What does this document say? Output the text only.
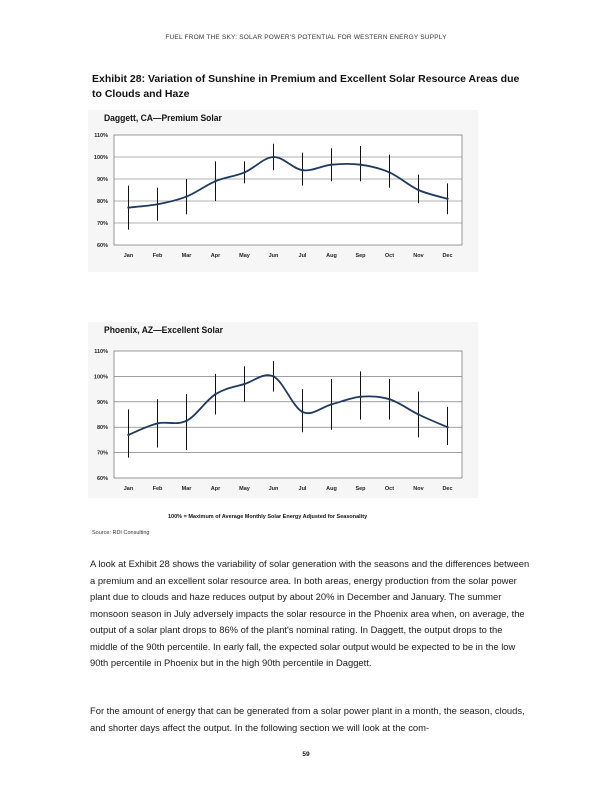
FUEL FROM THE SKY: SOLAR POWER'S POTENTIAL FOR WESTERN ENERGY SUPPLY
Exhibit 28: Variation of Sunshine in Premium and Excellent Solar Resource Areas due to Clouds and Haze
Daggett, CA—Premium Solar
60%
70%
80%
90%
100%
110%
Jan	Feb	Mar	Apr	May	Jun	Jul	Aug	Sep	Oct	Nov	Dec
Phoenix, AZ—Excellent Solar
60%
70%
80%
90%
100%
110%
Jan	Feb	Mar	Apr	May	Jun	Jul	Aug	Sep	Oct	Nov	Dec
100% = Maximum of Average Monthly Solar Energy Adjusted for Seasonality
Source: RDI Consulting
A look at Exhibit 28 shows the variability of solar generation with the seasons and the differences between a premium and an excellent solar resource area. In both areas, energy production from the solar power plant due to clouds and haze reduces output by about 20% in December and January. The summer monsoon season in July adversely impacts the solar resource in the Phoenix area when, on average, the output of a solar plant drops to 86% of the plant's nominal rating. In Daggett, the output drops to the middle of the 90th percentile. In early fall, the expected solar output would be expected to be in the low 90th percentile in Phoenix but in the high 90th percentile in Daggett.
For the amount of energy that can be generated from a solar power plant in a month, the season, clouds, and shorter days affect the output. In the following section we will look at the com-
59
